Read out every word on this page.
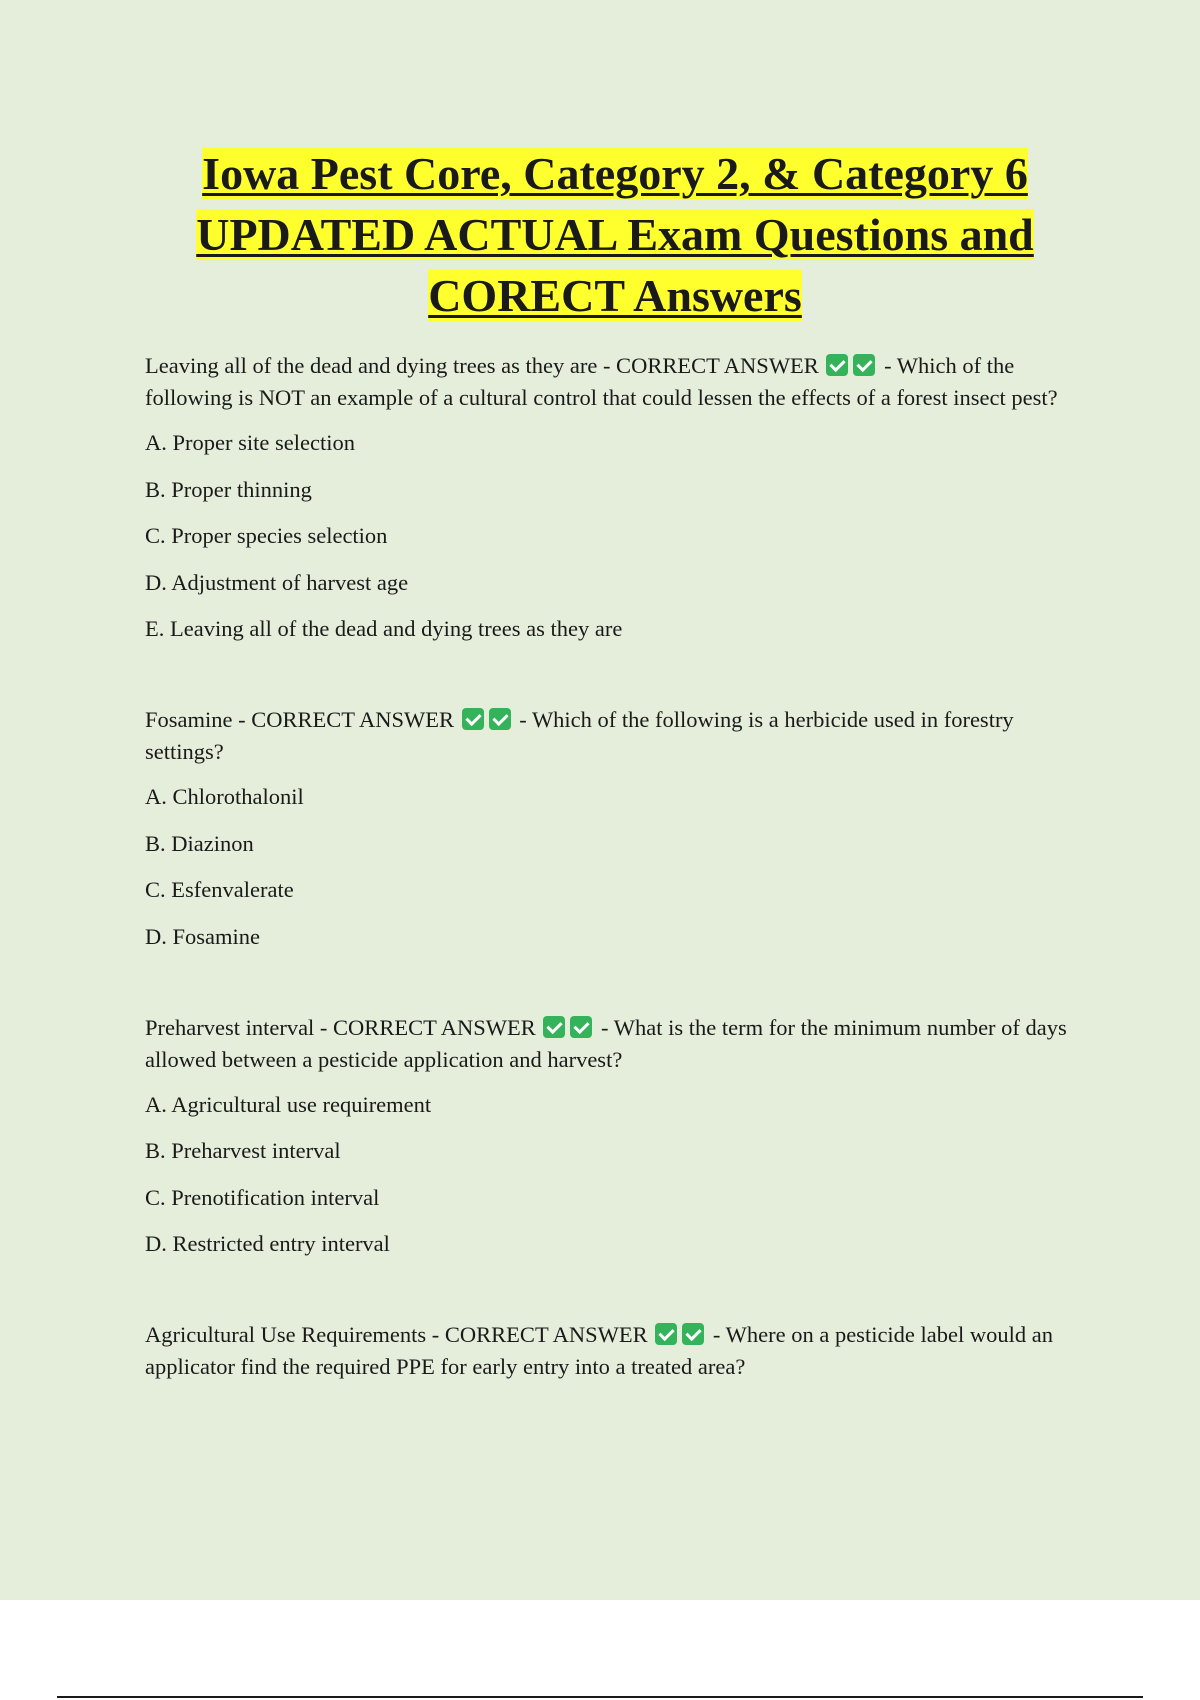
Iowa Pest Core, Category 2, & Category 6
UPDATED ACTUAL Exam Questions and
CORECT Answers

Leaving all of the dead and dying trees as they are - CORRECT ANSWER	- Which of the following is NOT an example of a cultural control that could lessen the effects of a forest insect pest?

A. Proper site selection
B. Proper thinning
C. Proper species selection
D. Adjustment of harvest age
E. Leaving all of the dead and dying trees as they are

Fosamine - CORRECT ANSWER	- Which of the following is a herbicide used in forestry settings?

A. Chlorothalonil
B. Diazinon
C. Esfenvalerate
D. Fosamine

Preharvest interval - CORRECT ANSWER	- What is the term for the minimum number of days allowed between a pesticide application and harvest?

A. Agricultural use requirement
B. Preharvest interval
C. Prenotification interval
D. Restricted entry interval

Agricultural Use Requirements - CORRECT ANSWER	- Where on a pesticide label would an applicator find the required PPE for early entry into a treated area?
